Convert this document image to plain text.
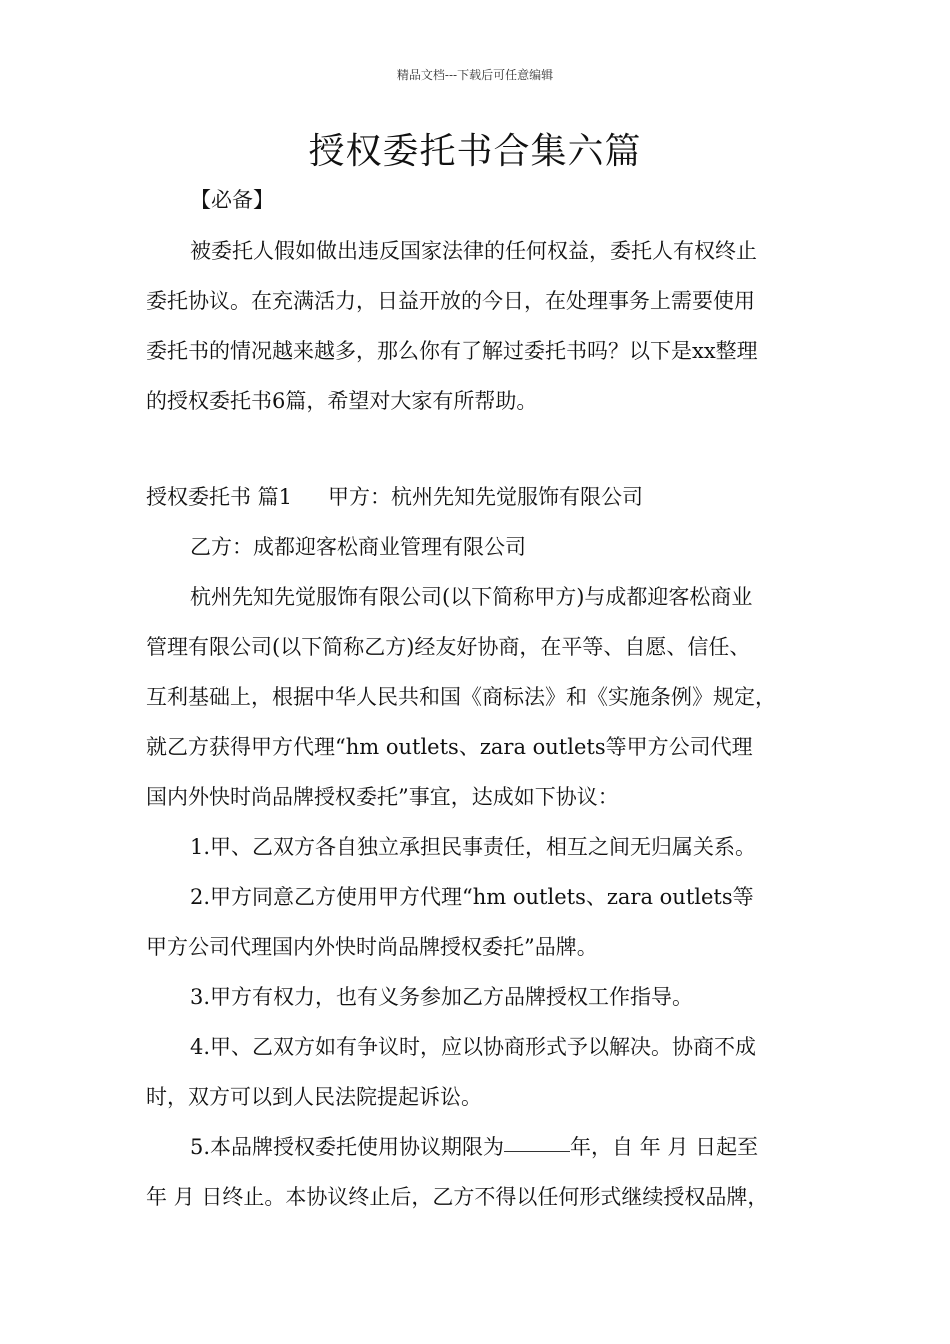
精品文档---下载后可任意编辑
授权委托书合集六篇
【必备】
被委托人假如做出违反国家法律的任何权益，委托人有权终止
委托协议。在充满活力，日益开放的今日，在处理事务上需要使用
委托书的情况越来越多，那么你有了解过委托书吗？以下是xx整理
的授权委托书6篇，希望对大家有所帮助。
授权委托书 篇1 甲方：杭州先知先觉服饰有限公司
乙方：成都迎客松商业管理有限公司
杭州先知先觉服饰有限公司(以下简称甲方)与成都迎客松商业
管理有限公司(以下简称乙方)经友好协商，在平等、自愿、信任、
互利基础上，根据中华人民共和国《商标法》和《实施条例》规定，
就乙方获得甲方代理“hm outlets、zara outlets等甲方公司代理
国内外快时尚品牌授权委托”事宜，达成如下协议：
1.甲、乙双方各自独立承担民事责任，相互之间无归属关系。
2.甲方同意乙方使用甲方代理“hm outlets、zara outlets等
甲方公司代理国内外快时尚品牌授权委托”品牌。
3.甲方有权力，也有义务参加乙方品牌授权工作指导。
4.甲、乙双方如有争议时，应以协商形式予以解决。协商不成
时，双方可以到人民法院提起诉讼。
5.本品牌授权委托使用协议期限为	年，自 年 月 日起至
年 月 日终止。本协议终止后，乙方不得以任何形式继续授权品牌，
